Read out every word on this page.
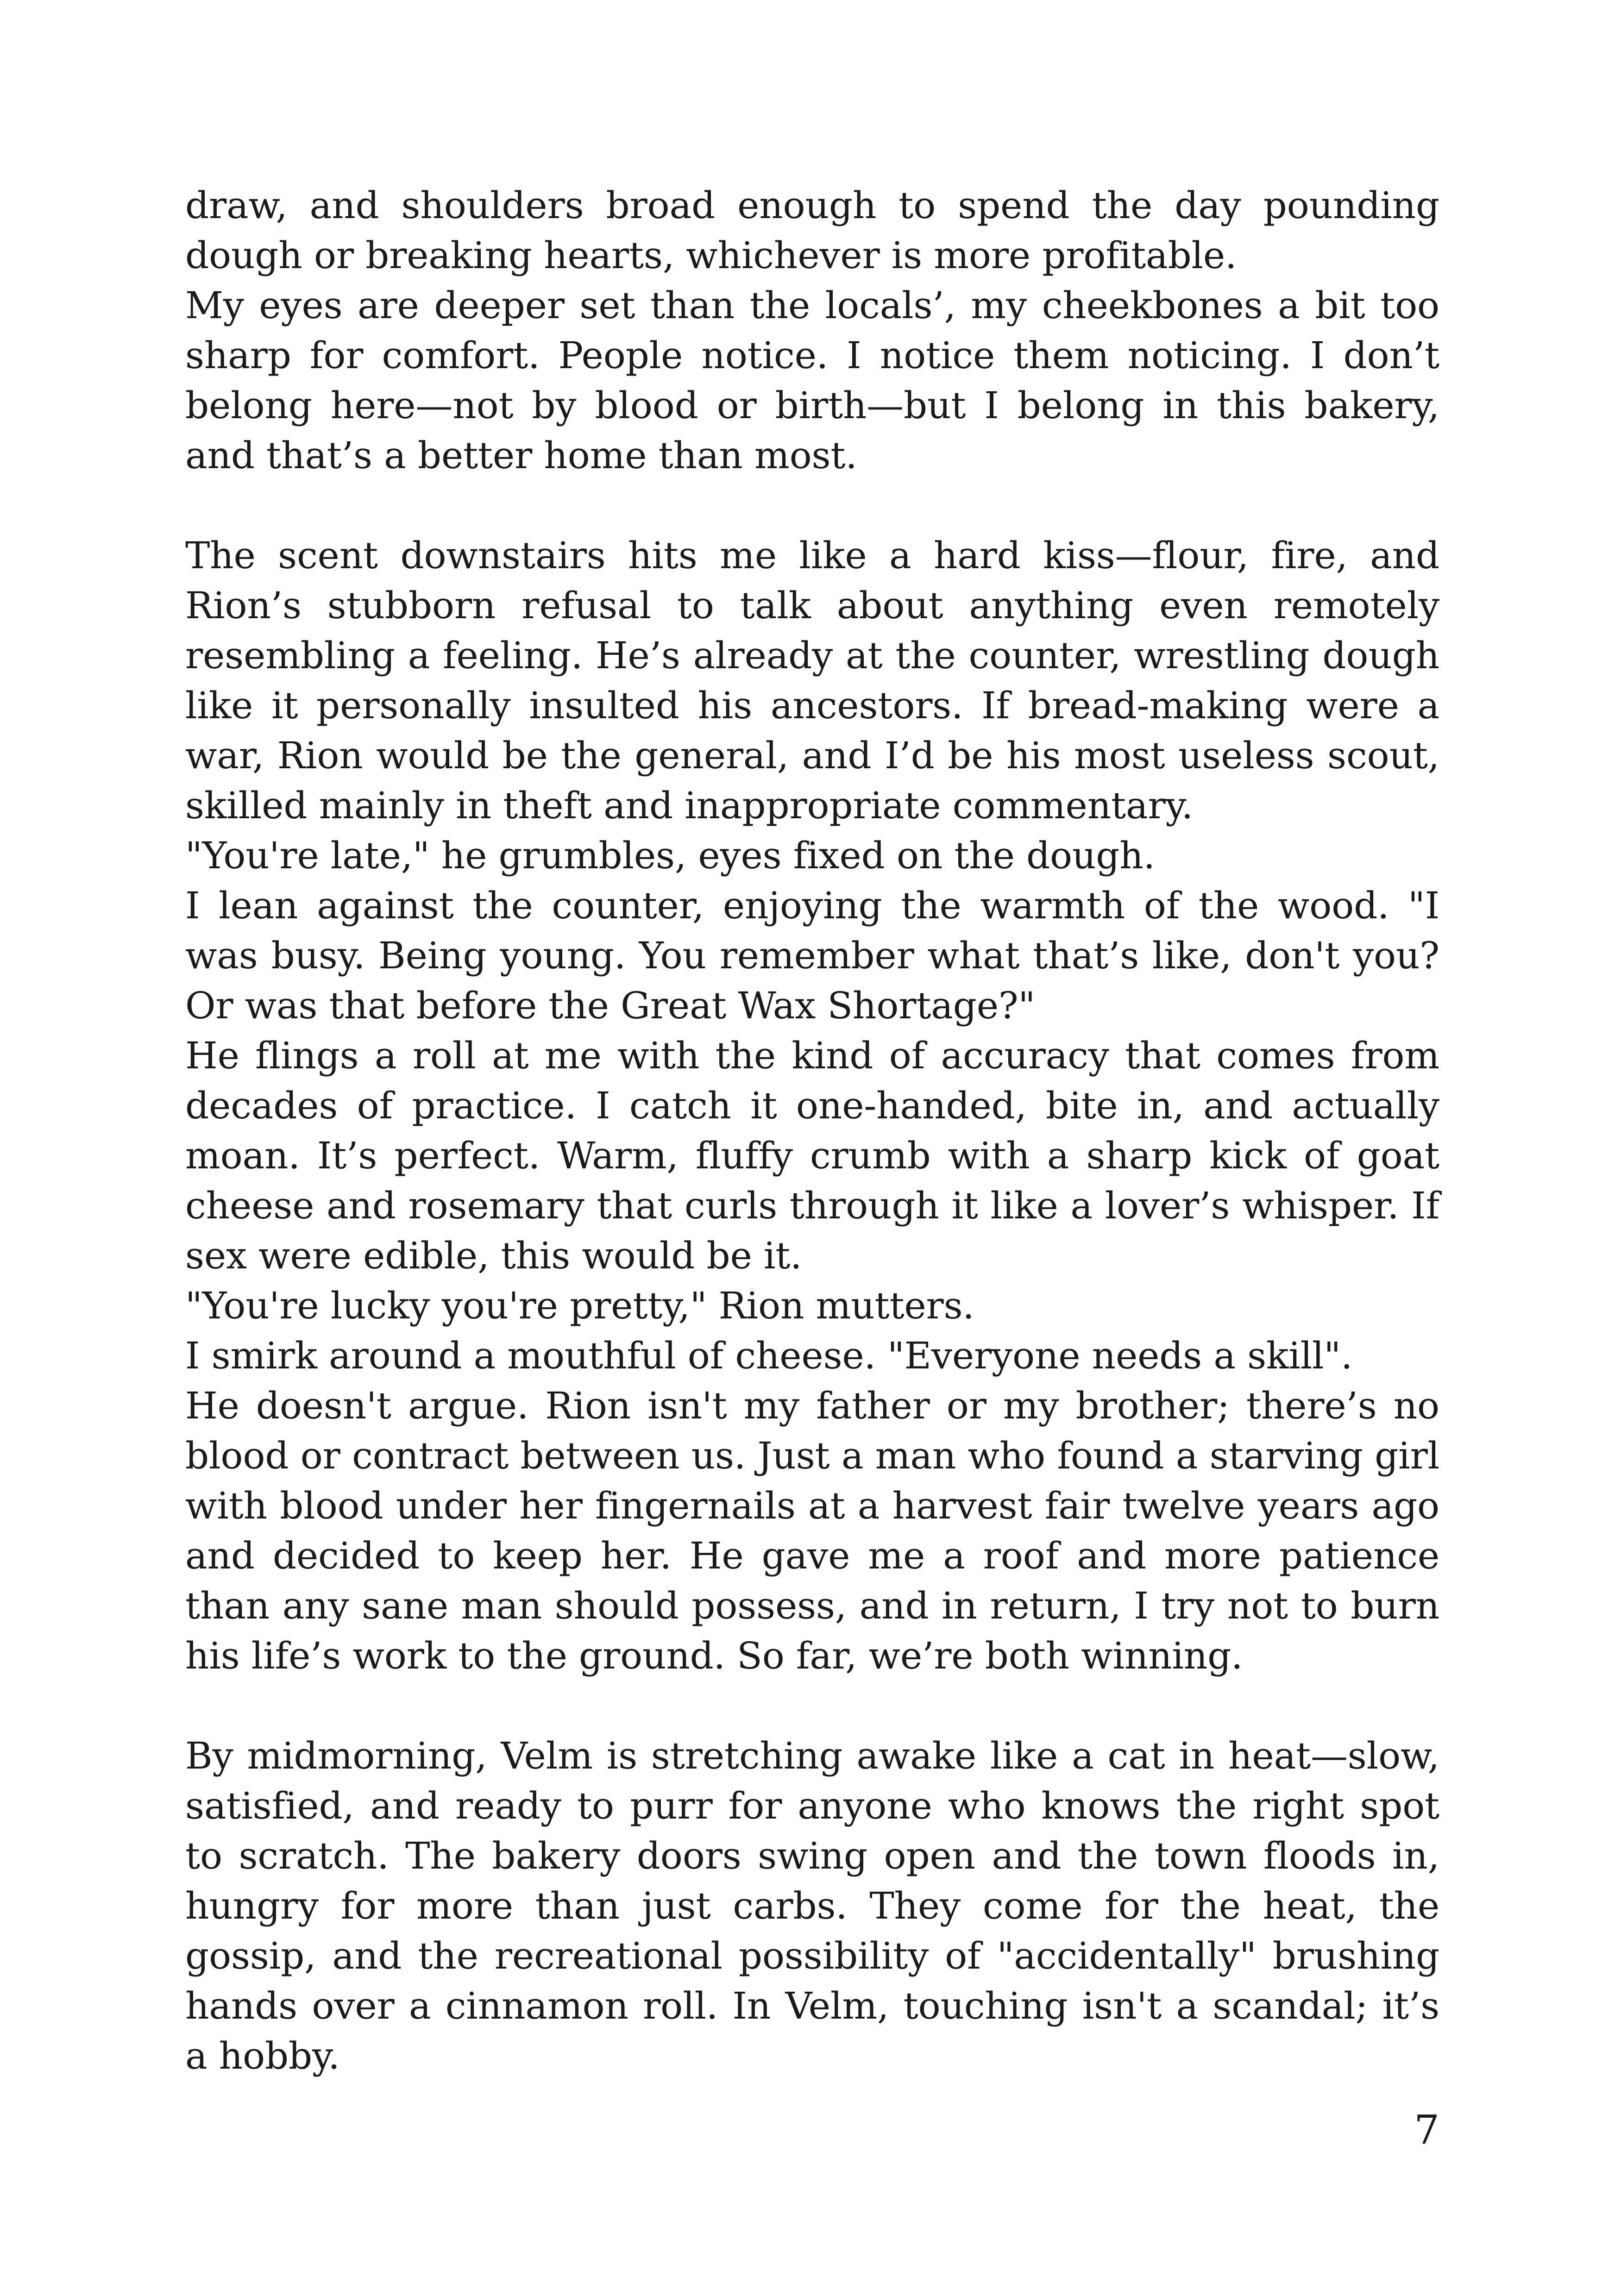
draw, and shoulders broad enough to spend the day pounding dough or breaking hearts, whichever is more profitable.

My eyes are deeper set than the locals’, my cheekbones a bit too sharp for comfort. People notice. I notice them noticing. I don’t belong here—not by blood or birth—but I belong in this bakery, and that’s a better home than most.

The scent downstairs hits me like a hard kiss—flour, fire, and Rion’s stubborn refusal to talk about anything even remotely resembling a feeling. He’s already at the counter, wrestling dough like it personally insulted his ancestors. If bread-making were a war, Rion would be the general, and I’d be his most useless scout, skilled mainly in theft and inappropriate commentary.

"You're late," he grumbles, eyes fixed on the dough.

I lean against the counter, enjoying the warmth of the wood. "I was busy. Being young. You remember what that’s like, don't you? Or was that before the Great Wax Shortage?"

He flings a roll at me with the kind of accuracy that comes from decades of practice. I catch it one-handed, bite in, and actually moan. It’s perfect. Warm, fluffy crumb with a sharp kick of goat cheese and rosemary that curls through it like a lover’s whisper. If sex were edible, this would be it.

"You're lucky you're pretty," Rion mutters.

I smirk around a mouthful of cheese. "Everyone needs a skill".

He doesn't argue. Rion isn't my father or my brother; there’s no blood or contract between us. Just a man who found a starving girl with blood under her fingernails at a harvest fair twelve years ago and decided to keep her. He gave me a roof and more patience than any sane man should possess, and in return, I try not to burn his life’s work to the ground. So far, we’re both winning.

By midmorning, Velm is stretching awake like a cat in heat—slow, satisfied, and ready to purr for anyone who knows the right spot to scratch. The bakery doors swing open and the town floods in, hungry for more than just carbs. They come for the heat, the gossip, and the recreational possibility of "accidentally" brushing hands over a cinnamon roll. In Velm, touching isn't a scandal; it’s a hobby.

7
